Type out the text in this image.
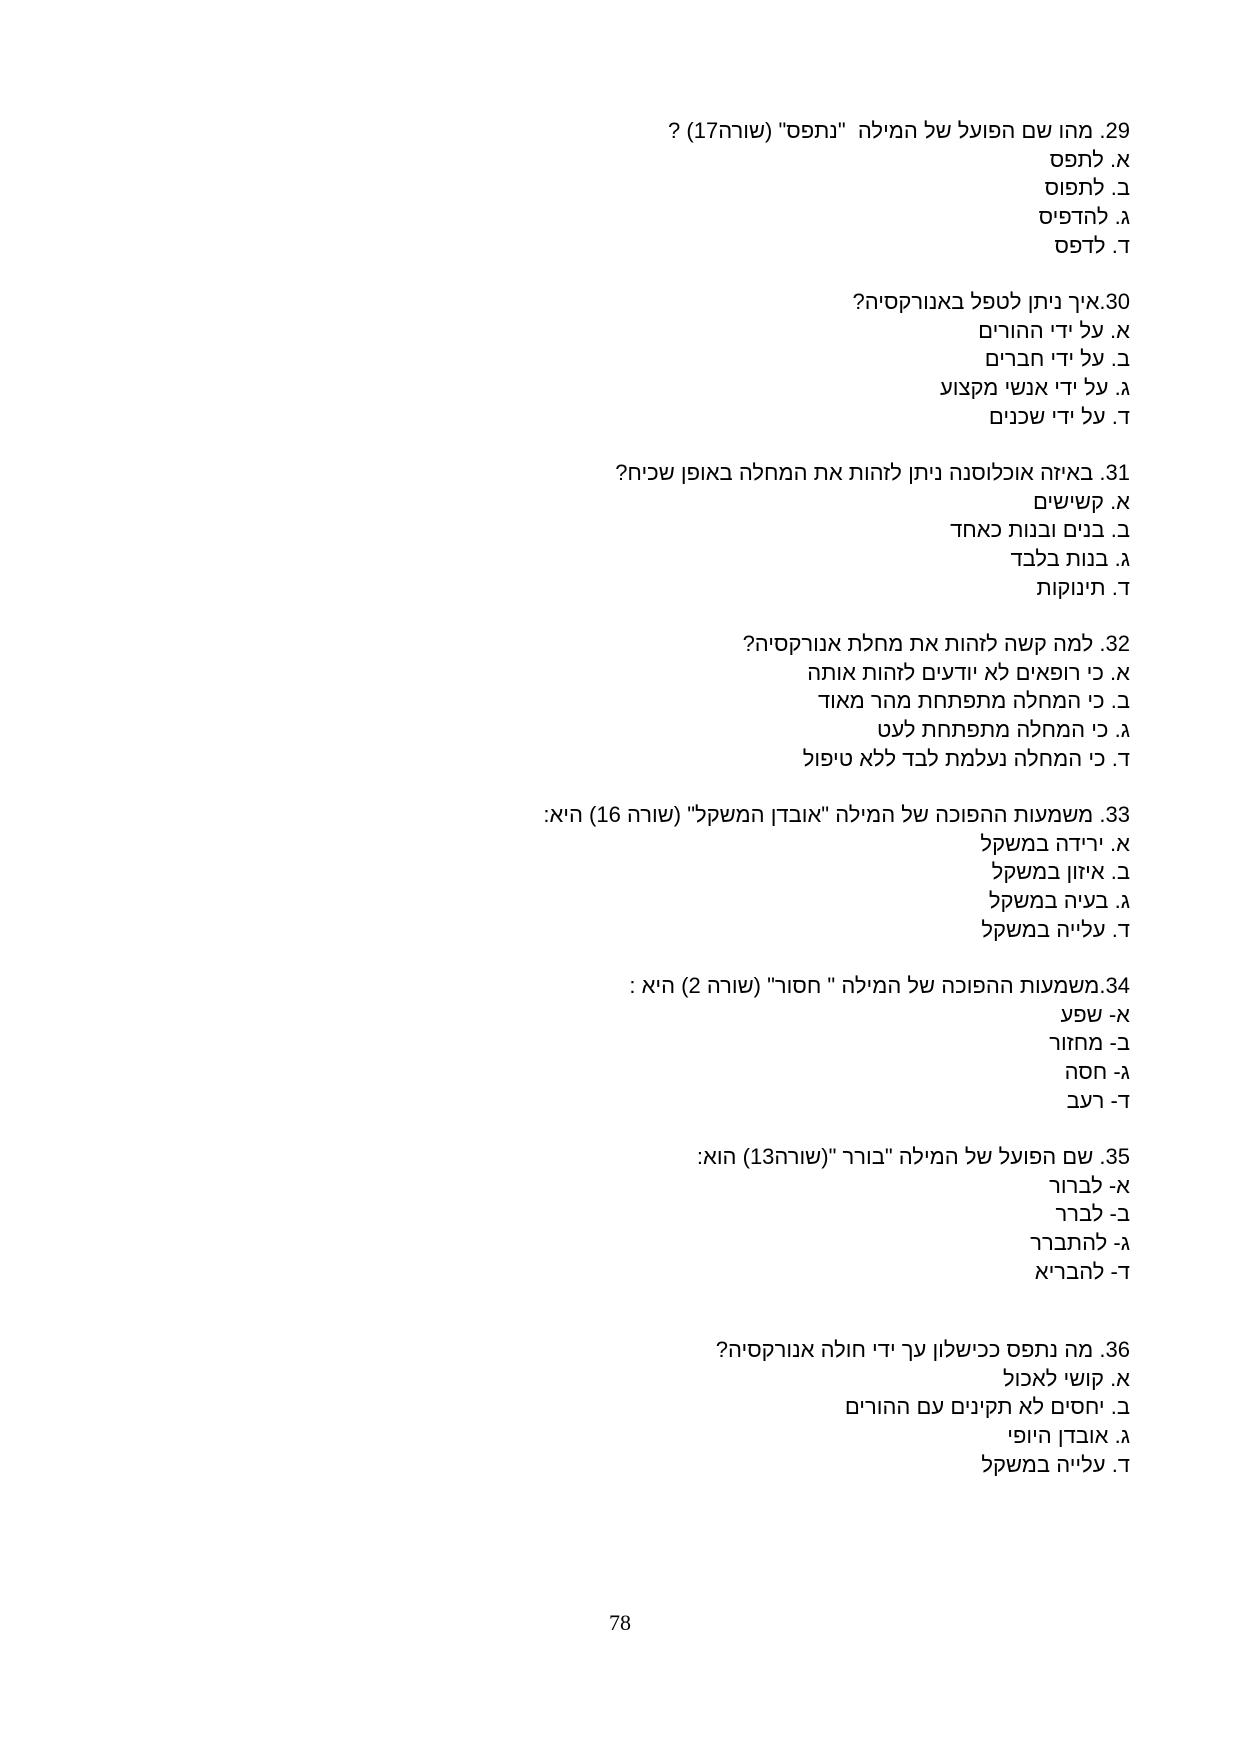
29. מהו שם הפועל של המילה  "נתפס" (שורה17) ?
א. לתפס
ב. לתפוס
ג. להדפיס
ד. לדפס
30.איך ניתן לטפל באנורקסיה?
א. על ידי ההורים
ב. על ידי חברים
ג. על ידי אנשי מקצוע
ד. על ידי שכנים
31. באיזה אוכלוסנה ניתן לזהות את המחלה באופן שכיח?
א. קשישים
ב. בנים ובנות כאחד
ג. בנות בלבד
ד. תינוקות
32. למה קשה לזהות את מחלת אנורקסיה?
א. כי רופאים לא יודעים לזהות אותה
ב. כי המחלה מתפתחת מהר מאוד
ג. כי המחלה מתפתחת לעט
ד. כי המחלה נעלמת לבד ללא טיפול
33. משמעות ההפוכה של המילה "אובדן המשקל" (שורה 16) היא:
א. ירידה במשקל
ב. איזון במשקל
ג. בעיה במשקל
ד. עלייה במשקל
34.משמעות ההפוכה של המילה " חסור" (שורה 2) היא :
א- שפע
ב- מחזור
ג- חסה
ד- רעב
35. שם הפועל של המילה "בורר "(שורה13) הוא:
א- לברור
ב- לברר
ג- להתברר
ד- להבריא
36. מה נתפס ככישלון עך ידי חולה אנורקסיה?
א. קושי לאכול
ב. יחסים לא תקינים עם ההורים
ג. אובדן היופי
ד. עלייה במשקל
78
